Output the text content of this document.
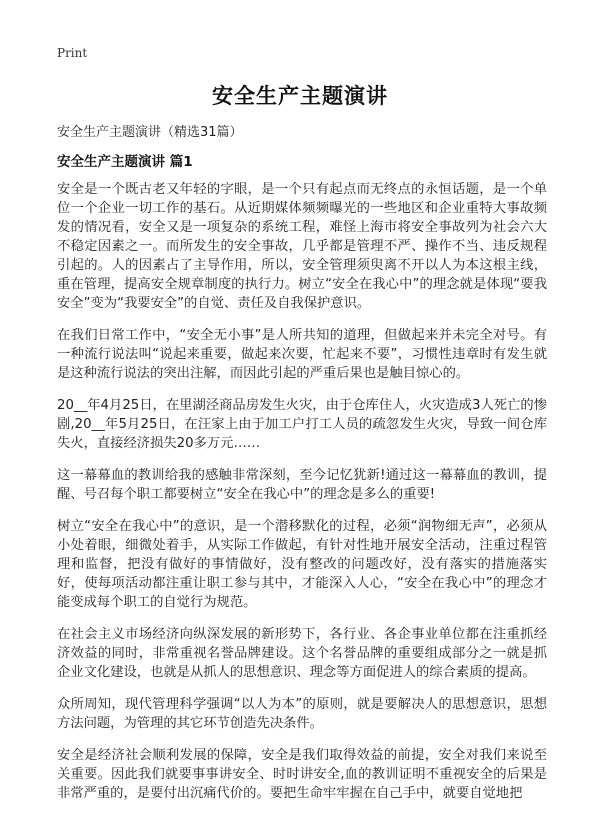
Print
安全生产主题演讲
安全生产主题演讲（精选31篇）
安全生产主题演讲 篇1

安全是一个既古老又年轻的字眼，是一个只有起点而无终点的永恒话题，是一个单位一个企业一切工作的基石。从近期媒体频频曝光的一些地区和企业重特大事故频发的情况看，安全又是一项复杂的系统工程，难怪上海市将安全事故列为社会六大不稳定因素之一。而所发生的安全事故，几乎都是管理不严、操作不当、违反规程引起的。人的因素占了主导作用，所以，安全管理须臾离不开以人为本这根主线，重在管理，提高安全规章制度的执行力。树立“安全在我心中”的理念就是体现“要我安全”变为“我要安全”的自觉、责任及自我保护意识。

在我们日常工作中，“安全无小事”是人所共知的道理，但做起来并未完全对号。有一种流行说法叫“说起来重要，做起来次要，忙起来不要”，习惯性违章时有发生就是这种流行说法的突出注解，而因此引起的严重后果也是触目惊心的。

20__年4月25日，在里湖泾商品房发生火灾，由于仓库住人，火灾造成3人死亡的惨剧,20__年5月25日，在汪家上由于加工户打工人员的疏忽发生火灾，导致一间仓库失火，直接经济损失20多万元……

这一幕幕血的教训给我的感触非常深刻，至今记忆犹新!通过这一幕幕血的教训，提醒、号召每个职工都要树立“安全在我心中”的理念是多么的重要!

树立“安全在我心中”的意识，是一个潜移默化的过程，必须“润物细无声”，必须从小处着眼，细微处着手，从实际工作做起，有针对性地开展安全活动，注重过程管理和监督，把没有做好的事情做好，没有整改的问题改好，没有落实的措施落实好，使每项活动都注重让职工参与其中，才能深入人心，“安全在我心中”的理念才能变成每个职工的自觉行为规范。

在社会主义市场经济向纵深发展的新形势下，各行业、各企事业单位都在注重抓经济效益的同时，非常重视名誉品牌建设。这个名誉品牌的重要组成部分之一就是抓企业文化建设，也就是从抓人的思想意识、理念等方面促进人的综合素质的提高。

众所周知，现代管理科学强调“以人为本”的原则，就是要解决人的思想意识，思想方法问题，为管理的其它环节创造先决条件。

安全是经济社会顺利发展的保障，安全是我们取得效益的前提，安全对我们来说至关重要。因此我们就要事事讲安全、时时讲安全,血的教训证明不重视安全的后果是非常严重的，是要付出沉痛代价的。要把生命牢牢握在自己手中，就要自觉地把
